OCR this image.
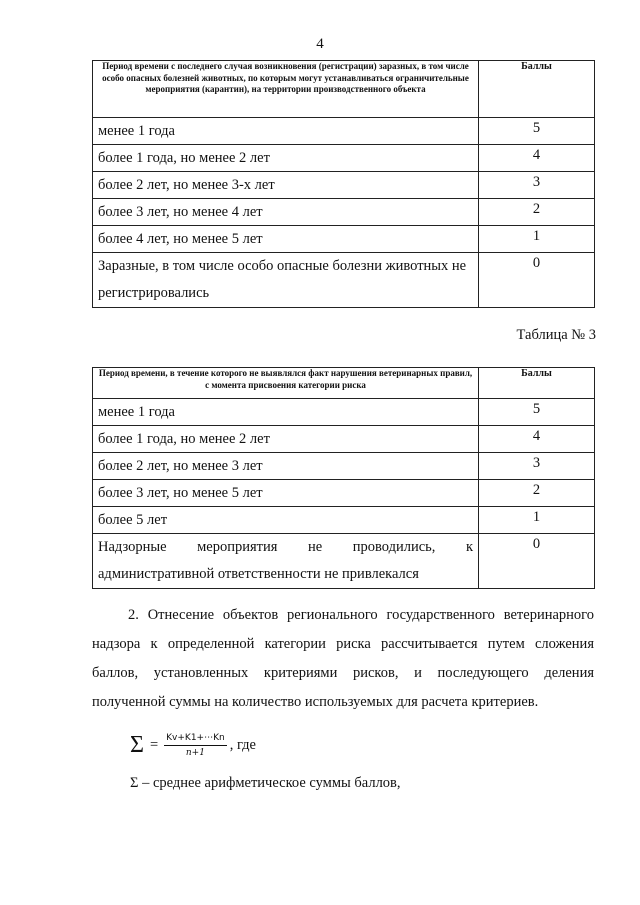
4
Период времени с последнего случая возникновения (регистрации) заразных, в том числе особо опасных болезней животных, по которым могут устанавливаться ограничительные мероприятия (карантин), на территории производственного объекта	Баллы
менее 1 года	5
более 1 года, но менее 2 лет	4
более 2 лет, но менее 3-х лет	3
более 3 лет, но менее 4 лет	2
более 4 лет, но менее 5 лет	1
Заразные, в том числе особо опасные болезни животных не регистрировались	0
Таблица № 3
Период времени, в течение которого не выявлялся факт нарушения ветеринарных правил, с момента присвоения категории риска	Баллы
менее 1 года	5
более 1 года, но менее 2 лет	4
более 2 лет, но менее 3 лет	3
более 3 лет, но менее 5 лет	2
более 5 лет	1
Надзорные мероприятия не проводились, к административной ответственности не привлекался	0
2. Отнесение объектов регионального государственного ветеринарного надзора к определенной категории риска рассчитывается путем сложения баллов, установленных критериями рисков, и последующего деления полученной суммы на количество используемых для расчета критериев.
$\Sigma = \frac{Kv+K1+\cdots Kn}{n+1}$ , где
Σ – среднее арифметическое суммы баллов,
